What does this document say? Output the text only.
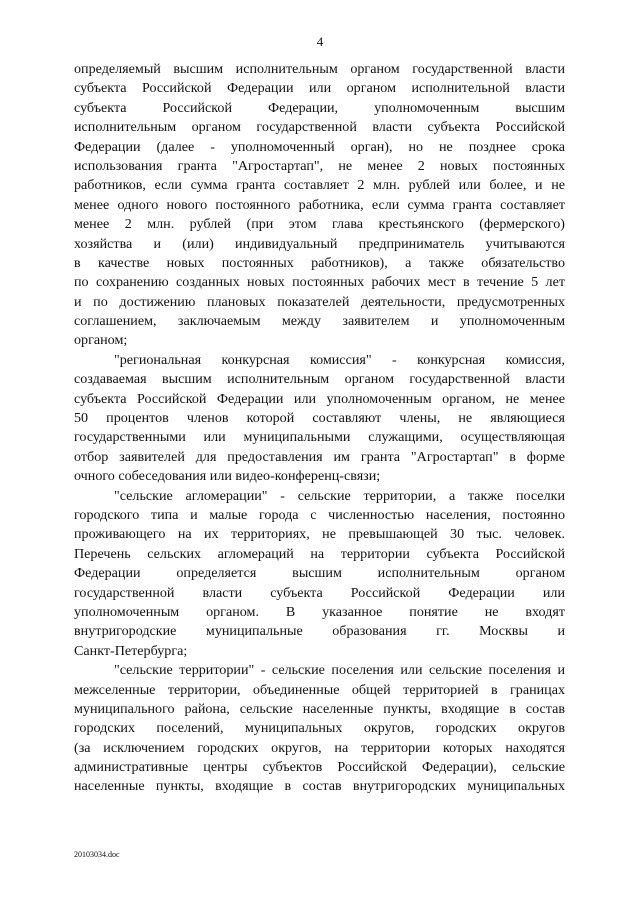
4
определяемый высшим исполнительным органом государственной власти
субъекта Российской Федерации или органом исполнительной власти
субъекта Российской Федерации, уполномоченным высшим
исполнительным органом государственной власти субъекта Российской
Федерации (далее - уполномоченный орган), но не позднее срока
использования гранта "Агростартап", не менее 2 новых постоянных
работников, если сумма гранта составляет 2 млн. рублей или более, и не
менее одного нового постоянного работника, если сумма гранта составляет
менее 2 млн. рублей (при этом глава крестьянского (фермерского)
хозяйства и (или) индивидуальный предприниматель учитываются
в качестве новых постоянных работников), а также обязательство
по сохранению созданных новых постоянных рабочих мест в течение 5 лет
и по достижению плановых показателей деятельности, предусмотренных
соглашением, заключаемым между заявителем и уполномоченным
органом;
"региональная конкурсная комиссия" - конкурсная комиссия,
создаваемая высшим исполнительным органом государственной власти
субъекта Российской Федерации или уполномоченным органом, не менее
50 процентов членов которой составляют члены, не являющиеся
государственными или муниципальными служащими, осуществляющая
отбор заявителей для предоставления им гранта "Агростартап" в форме
очного собеседования или видео-конференц-связи;
"сельские агломерации" - сельские территории, а также поселки
городского типа и малые города с численностью населения, постоянно
проживающего на их территориях, не превышающей 30 тыс. человек.
Перечень сельских агломераций на территории субъекта Российской
Федерации определяется высшим исполнительным органом
государственной власти субъекта Российской Федерации или
уполномоченным органом. В указанное понятие не входят
внутригородские муниципальные образования гг. Москвы и
Санкт-Петербурга;
"сельские территории" - сельские поселения или сельские поселения и
межселенные территории, объединенные общей территорией в границах
муниципального района, сельские населенные пункты, входящие в состав
городских поселений, муниципальных округов, городских округов
(за исключением городских округов, на территории которых находятся
административные центры субъектов Российской Федерации), сельские
населенные пункты, входящие в состав внутригородских муниципальных
20103034.doc
